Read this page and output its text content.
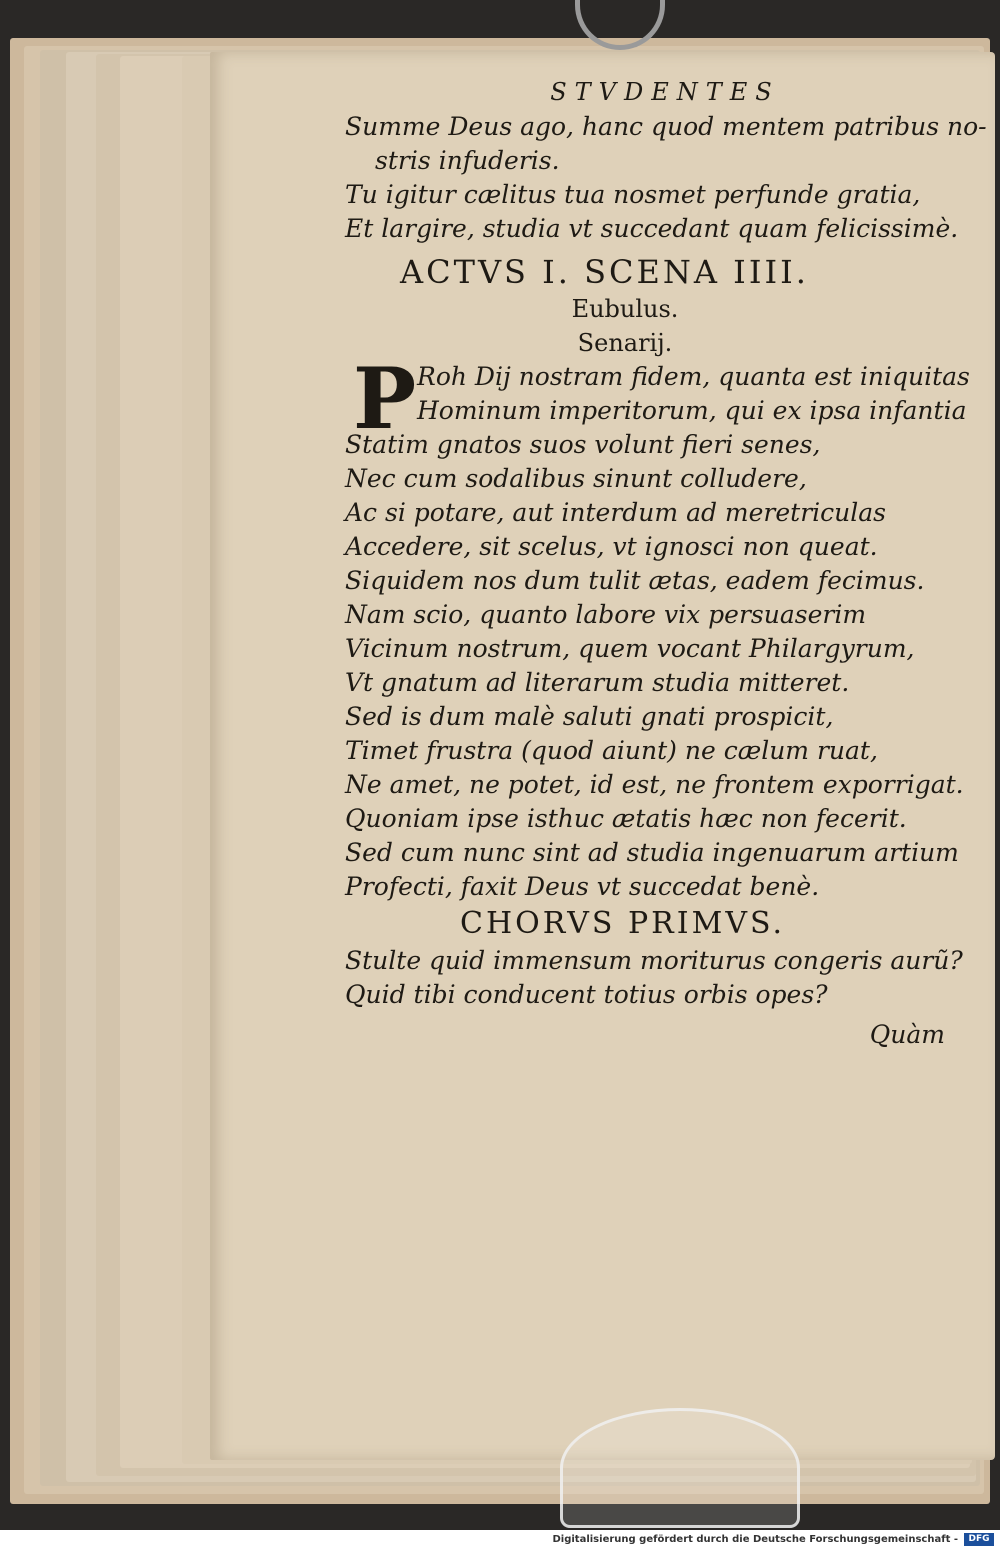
STVDENTES

Summe Deus ago, hanc quod mentem patribus no-

stris infuderis.

Tu igitur cælitus tua nosmet perfunde gratia,

Et largire, studia vt succedant quam felicissimè.

ACTVS I. SCENA IIII.
Eubulus.
Senarij.
P Roh Dij nostram fidem, quanta est iniquitas

Hominum imperitorum, qui ex ipsa infantia

Statim gnatos suos volunt fieri senes,

Nec cum sodalibus sinunt colludere,

Ac si potare, aut interdum ad meretriculas

Accedere, sit scelus, vt ignosci non queat.

Siquidem nos dum tulit ætas, eadem fecimus.

Nam scio, quanto labore vix persuaserim

Vicinum nostrum, quem vocant Philargyrum,

Vt gnatum ad literarum studia mitteret.

Sed is dum malè saluti gnati prospicit,

Timet frustra (quod aiunt) ne cælum ruat,

Ne amet, ne potet, id est, ne frontem exporrigat.

Quoniam ipse isthuc ætatis hæc non fecerit.

Sed cum nunc sint ad studia ingenuarum artium

Profecti, faxit Deus vt succedat benè.

CHORVS PRIMVS.

Stulte quid immensum moriturus congeris aurũ?

Quid tibi conducent totius orbis opes?

Quàm
Digitalisierung gefördert durch die Deutsche Forschungsgemeinschaft -	DFG
